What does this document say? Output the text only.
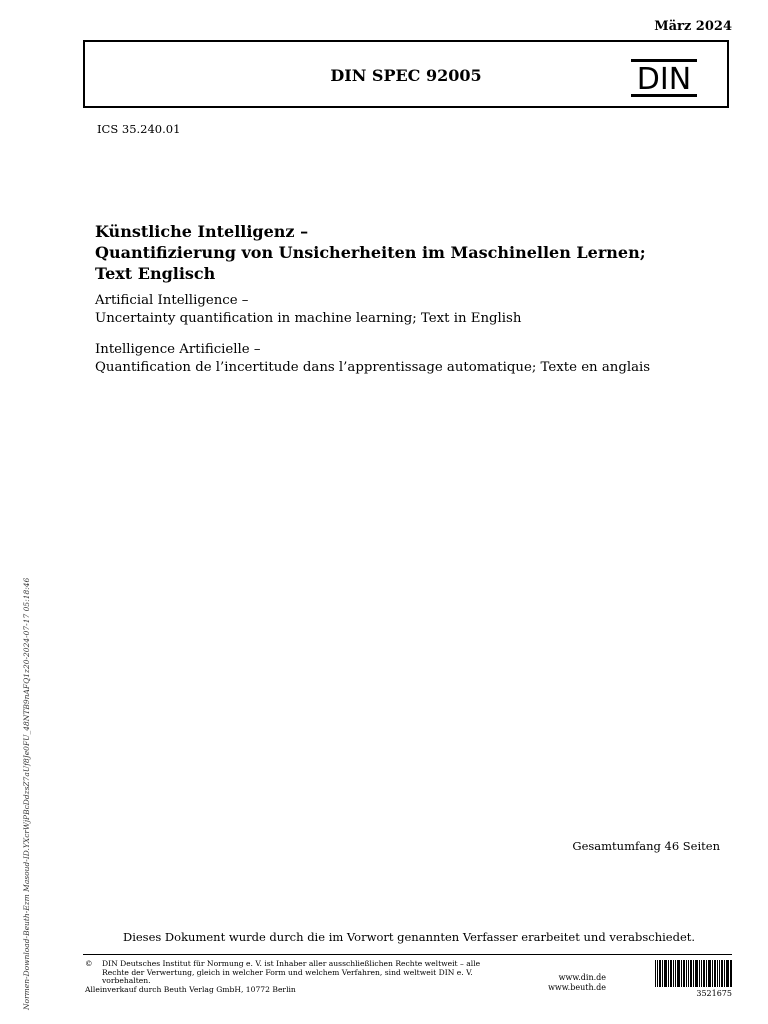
März 2024
DIN SPEC 92005	DIN
ICS 35.240.01
Künstliche Intelligenz –
Quantifizierung von Unsicherheiten im Maschinellen Lernen;
Text Englisch
Artificial Intelligence –
Uncertainty quantification in machine learning; Text in English
Intelligence Artificielle –
Quantification de l’incertitude dans l’apprentissage automatique; Texte en anglais
Gesamtumfang 46 Seiten
Dieses Dokument wurde durch die im Vorwort genannten Verfasser erarbeitet und verabschiedet.
©	DIN Deutsches Institut für Normung e. V. ist Inhaber aller ausschließlichen Rechte weltweit – alle
Rechte der Verwertung, gleich in welcher Form und welchem Verfahren, sind weltweit DIN e. V.
vorbehalten.
Alleinverkauf durch Beuth Verlag GmbH, 10772 Berlin
www.din.de
www.beuth.de
3521675
Normen-Download-Beuth-Ezm Masoud-ID.YXcrWjPBcDdzsZ7aUf8Je0FU_48NTB9nAFQ1z20-2024-07-17 05:18:46
